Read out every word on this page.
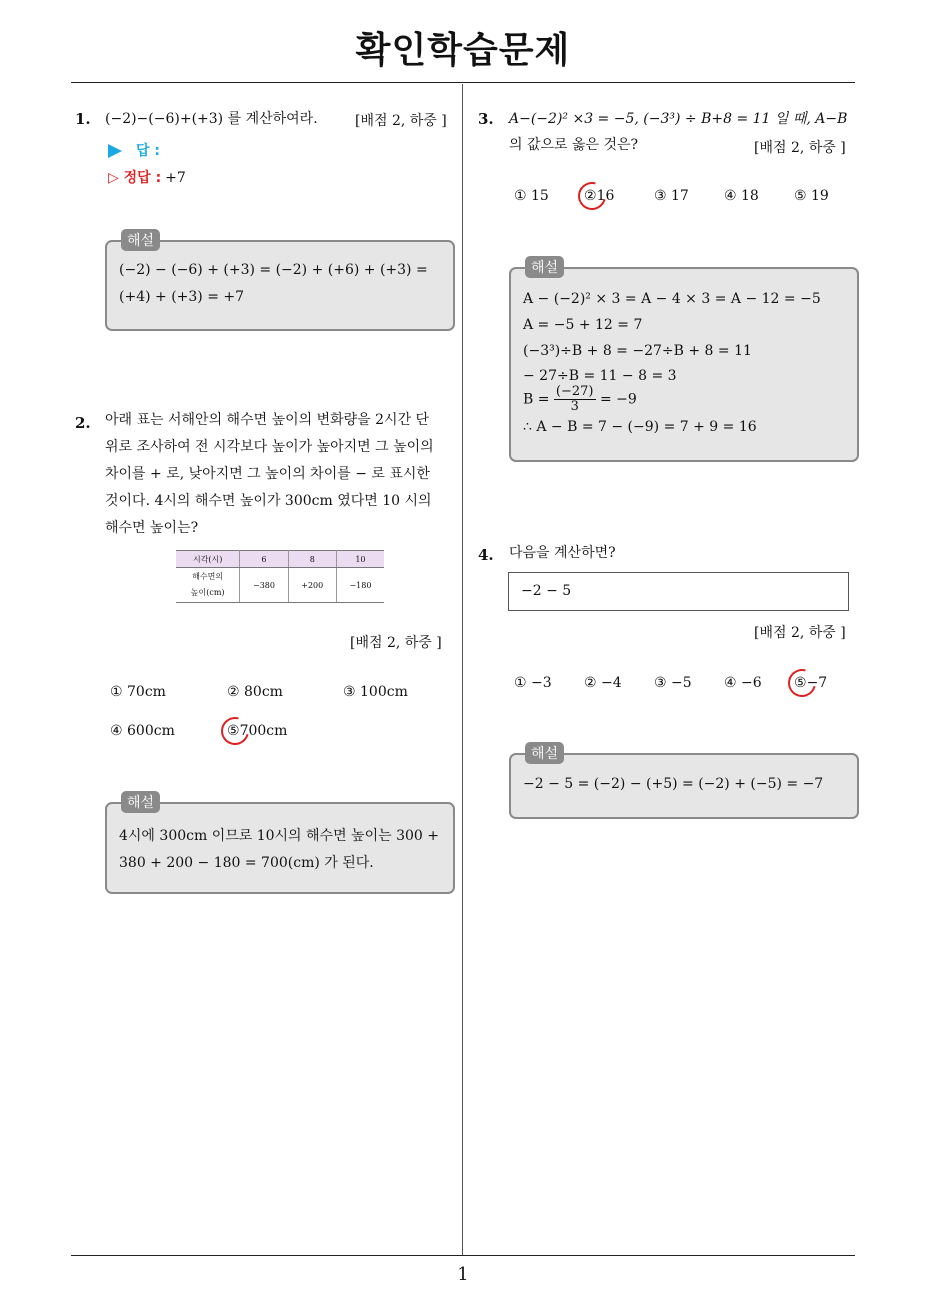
확인학습문제
1. (−2)−(−6)+(+3) 를 계산하여라.	[배점 2, 하중 ]
답 :
▷ 정답 : +7
해설
(−2) − (−6) + (+3) = (−2) + (+6) + (+3) =
(+4) + (+3) = +7
2. 아래 표는 서해안의 해수면 높이의 변화량을 2시간 단
위로 조사하여 전 시각보다 높이가 높아지면 그 높이의
차이를 + 로, 낮아지면 그 높이의 차이를 − 로 표시한
것이다. 4시의 해수면 높이가 300cm 였다면 10 시의
해수면 높이는?
시각(시)	6	8	10
해수면의
높이(cm)	−380	+200	−180
[배점 2, 하중 ]
① 70cm	② 80cm	③ 100cm
④ 600cm	⑤700cm
해설
4시에 300cm 이므로 10시의 해수면 높이는 300 +
380 + 200 − 180 = 700(cm) 가 된다.
3. A−(−2)² ×3 = −5, (−3³) ÷ B+8 = 11 일 때, A−B
의 값으로 옳은 것은?	[배점 2, 하중 ]
① 15	②16	③ 17	④ 18	⑤ 19
해설
A − (−2)² × 3 = A − 4 × 3 = A − 12 = −5
A = −5 + 12 = 7
(−3³)÷B + 8 = −27÷B + 8 = 11
− 27÷B = 11 − 8 = 3
$B = \frac{(-27)}{3} = -9$
∴ A − B = 7 − (−9) = 7 + 9 = 16
4. 다음을 계산하면?
−2 − 5
[배점 2, 하중 ]
① −3 ② −4 ③ −5 ④ −6 ⑤−7
해설
−2 − 5 = (−2) − (+5) = (−2) + (−5) = −7
1
